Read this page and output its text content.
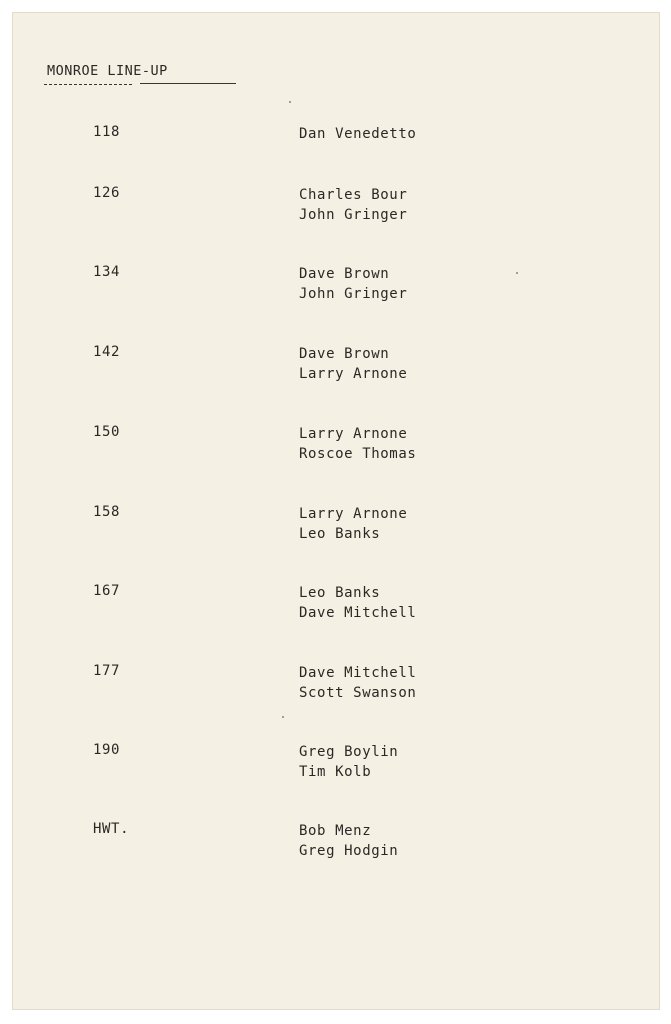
MONROE LINE-UP
118	Dan Venedetto
126	Charles Bour
John Gringer
134	Dave Brown
John Gringer
142	Dave Brown
Larry Arnone
150	Larry Arnone
Roscoe Thomas
158	Larry Arnone
Leo Banks
167	Leo Banks
Dave Mitchell
177	Dave Mitchell
Scott Swanson
190	Greg Boylin
Tim Kolb
HWT.	Bob Menz
Greg Hodgin
